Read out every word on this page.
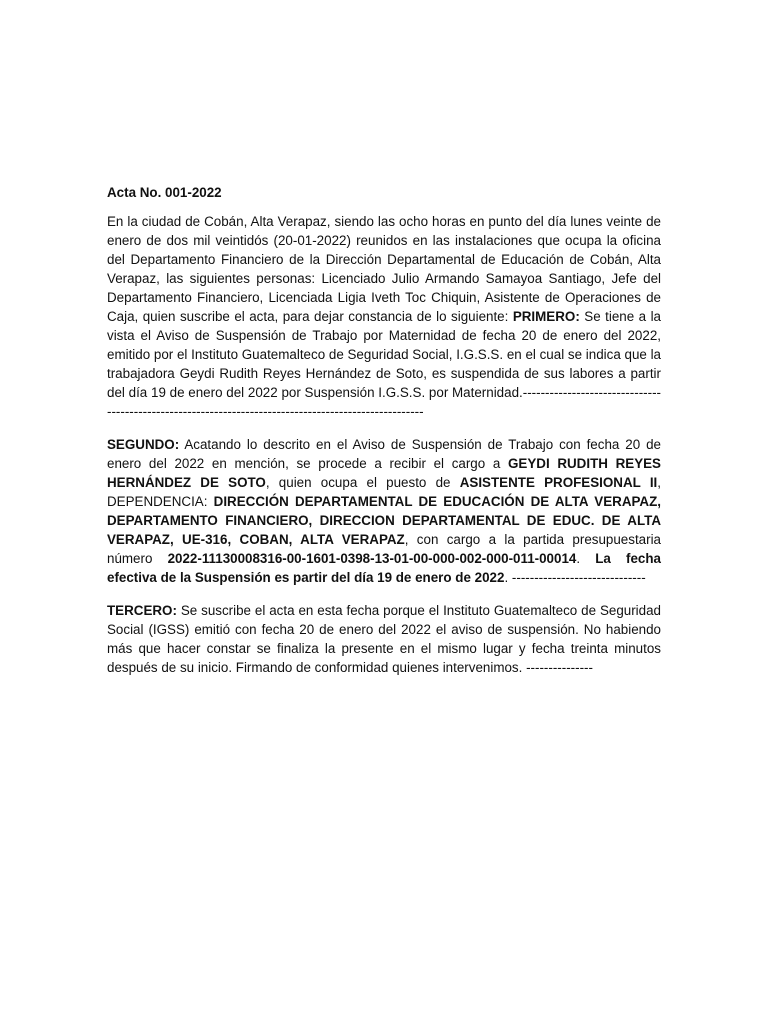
Acta No. 001-2022

En la ciudad de Cobán, Alta Verapaz, siendo las ocho horas en punto del día lunes veinte de enero de dos mil veintidós (20-01-2022) reunidos en las instalaciones que ocupa la oficina del Departamento Financiero de la Dirección Departamental de Educación de Cobán, Alta Verapaz, las siguientes personas: Licenciado Julio Armando Samayoa Santiago, Jefe del Departamento Financiero, Licenciada Ligia Iveth Toc Chiquin, Asistente de Operaciones de Caja, quien suscribe el acta, para dejar constancia de lo siguiente: PRIMERO: Se tiene a la vista el Aviso de Suspensión de Trabajo por Maternidad de fecha 20 de enero del 2022, emitido por el Instituto Guatemalteco de Seguridad Social, I.G.S.S. en el cual se indica que la trabajadora Geydi Rudith Reyes Hernández de Soto, es suspendida de sus labores a partir del día 19 de enero del 2022 por Suspensión I.G.S.S. por Maternidad.------------------------------------------------------------------------------------------------------

SEGUNDO: Acatando lo descrito en el Aviso de Suspensión de Trabajo con fecha 20 de enero del 2022 en mención, se procede a recibir el cargo a GEYDI RUDITH REYES HERNÁNDEZ DE SOTO, quien ocupa el puesto de ASISTENTE PROFESIONAL II, DEPENDENCIA: DIRECCIÓN DEPARTAMENTAL DE EDUCACIÓN DE ALTA VERAPAZ, DEPARTAMENTO FINANCIERO, DIRECCION DEPARTAMENTAL DE EDUC. DE ALTA VERAPAZ, UE-316, COBAN, ALTA VERAPAZ, con cargo a la partida presupuestaria número 2022-11130008316-00-1601-0398-13-01-00-000-002-000-011-00014. La fecha efectiva de la Suspensión es partir del día 19 de enero de 2022. ------------------------------

TERCERO: Se suscribe el acta en esta fecha porque el Instituto Guatemalteco de Seguridad Social (IGSS) emitió con fecha 20 de enero del 2022 el aviso de suspensión. No habiendo más que hacer constar se finaliza la presente en el mismo lugar y fecha treinta minutos después de su inicio. Firmando de conformidad quienes intervenimos. ---------------
